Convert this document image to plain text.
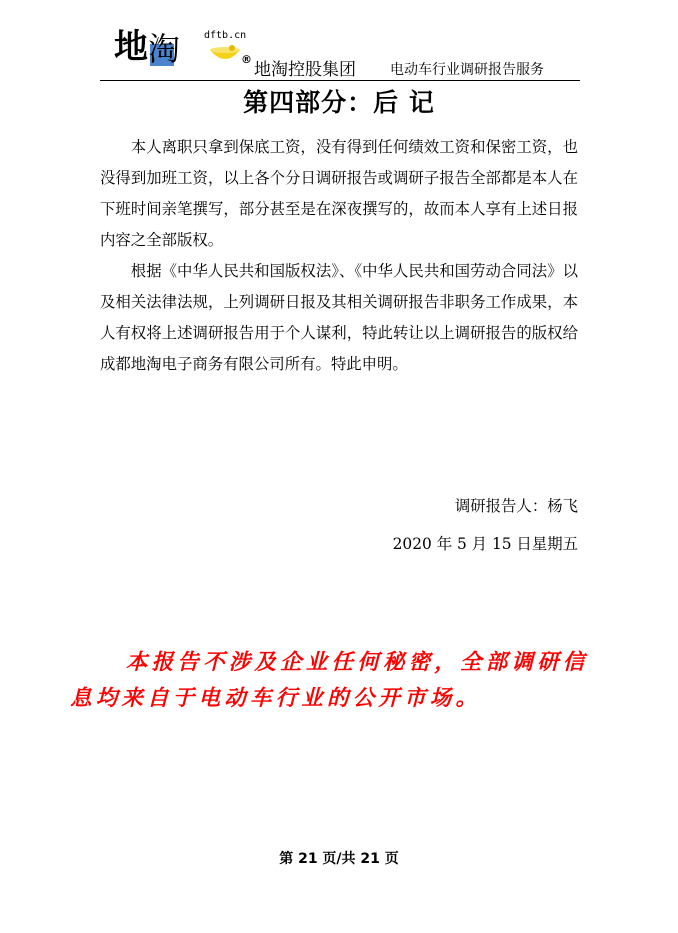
地 淘 dftb.cn
®
地淘控股集团 电动车行业调研报告服务
第四部分：后 记

本人离职只拿到保底工资，没有得到任何绩效工资和保密工资，也没得到加班工资，以上各个分日调研报告或调研子报告全部都是本人在下班时间亲笔撰写，部分甚至是在深夜撰写的，故而本人享有上述日报内容之全部版权。

根据《中华人民共和国版权法》、《中华人民共和国劳动合同法》以及相关法律法规，上列调研日报及其相关调研报告非职务工作成果，本人有权将上述调研报告用于个人谋利，特此转让以上调研报告的版权给成都地淘电子商务有限公司所有。特此申明。

调研报告人：杨飞
2020 年 5 月 15 日星期五

本报告不涉及企业任何秘密，全部调研信息均来自于电动车行业的公开市场。

第 21 页/共 21 页
